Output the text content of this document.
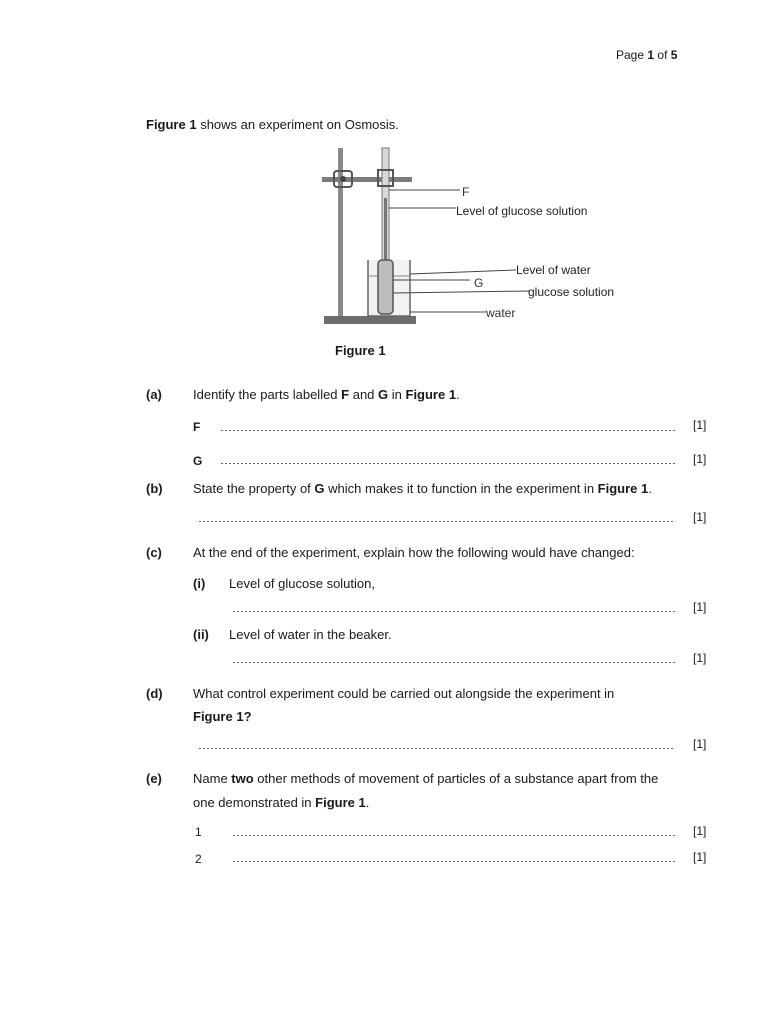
Page 1 of 5
Figure 1 shows an experiment on Osmosis.
F
Level of glucose solution
Level of water
G
glucose solution
water
Figure 1
(a) Identify the parts labelled F and G in Figure 1.
F	[1]
G	[1]
(b) State the property of G which makes it to function in the experiment in Figure 1.
[1]
(c) At the end of the experiment, explain how the following would have changed:
(i) Level of glucose solution,
[1]
(ii) Level of water in the beaker.
[1]
(d) What control experiment could be carried out alongside the experiment in
Figure 1?
[1]
(e) Name two other methods of movement of particles of a substance apart from the
one demonstrated in Figure 1.
1	[1]
2	[1]
